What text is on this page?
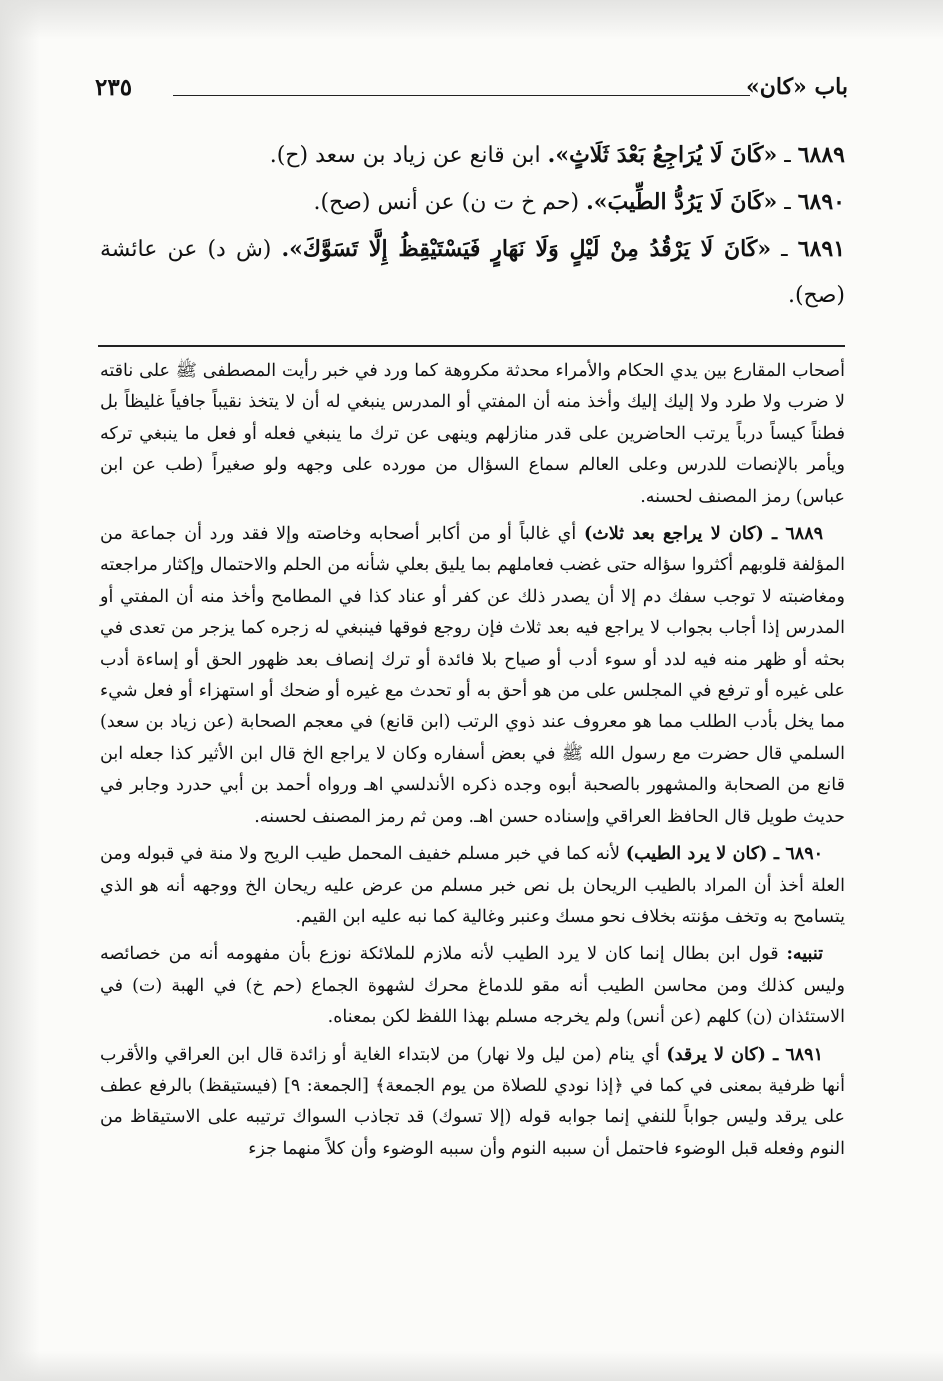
باب «كان»
٢٣٥
٦٨٨٩ ـ «كَانَ لَا يُرَاجِعُ بَعْدَ ثَلَاثٍ». ابن قانع عن زياد بن سعد (ح).
٦٨٩٠ ـ «كَانَ لَا يَرُدُّ الطِّيبَ». (حم خ ت ن) عن أنس (صح).
٦٨٩١ ـ «كَانَ لَا يَرْقُدُ مِنْ لَيْلٍ وَلَا نَهَارٍ فَيَسْتَيْقِظُ إِلَّا تَسَوَّكَ». (ش د) عن عائشة (صح).

أصحاب المقارع بين يدي الحكام والأمراء محدثة مكروهة كما ورد في خبر رأيت المصطفى ﷺ على ناقته لا ضرب ولا طرد ولا إليك إليك وأخذ منه أن المفتي أو المدرس ينبغي له أن لا يتخذ نقيباً جافياً غليظاً بل فطناً كيساً درباً يرتب الحاضرين على قدر منازلهم وينهى عن ترك ما ينبغي فعله أو فعل ما ينبغي تركه ويأمر بالإنصات للدرس وعلى العالم سماع السؤال من مورده على وجهه ولو صغيراً (طب عن ابن عباس) رمز المصنف لحسنه.

٦٨٨٩ ـ (كان لا يراجع بعد ثلاث) أي غالباً أو من أكابر أصحابه وخاصته وإلا فقد ورد أن جماعة من المؤلفة قلوبهم أكثروا سؤاله حتى غضب فعاملهم بما يليق بعلي شأنه من الحلم والاحتمال وإكثار مراجعته ومغاضبته لا توجب سفك دم إلا أن يصدر ذلك عن كفر أو عناد كذا في المطامح وأخذ منه أن المفتي أو المدرس إذا أجاب بجواب لا يراجع فيه بعد ثلاث فإن روجع فوقها فينبغي له زجره كما يزجر من تعدى في بحثه أو ظهر منه فيه لدد أو سوء أدب أو صياح بلا فائدة أو ترك إنصاف بعد ظهور الحق أو إساءة أدب على غيره أو ترفع في المجلس على من هو أحق به أو تحدث مع غيره أو ضحك أو استهزاء أو فعل شيء مما يخل بأدب الطلب مما هو معروف عند ذوي الرتب (ابن قانع) في معجم الصحابة (عن زياد بن سعد) السلمي قال حضرت مع رسول الله ﷺ في بعض أسفاره وكان لا يراجع الخ قال ابن الأثير كذا جعله ابن قانع من الصحابة والمشهور بالصحبة أبوه وجده ذكره الأندلسي اهـ ورواه أحمد بن أبي حدرد وجابر في حديث طويل قال الحافظ العراقي وإسناده حسن اهـ. ومن ثم رمز المصنف لحسنه.

٦٨٩٠ ـ (كان لا يرد الطيب) لأنه كما في خبر مسلم خفيف المحمل طيب الريح ولا منة في قبوله ومن العلة أخذ أن المراد بالطيب الريحان بل نص خبر مسلم من عرض عليه ريحان الخ ووجهه أنه هو الذي يتسامح به وتخف مؤنته بخلاف نحو مسك وعنبر وغالية كما نبه عليه ابن القيم.

تنبيه: قول ابن بطال إنما كان لا يرد الطيب لأنه ملازم للملائكة نوزع بأن مفهومه أنه من خصائصه وليس كذلك ومن محاسن الطيب أنه مقو للدماغ محرك لشهوة الجماع (حم خ) في الهبة (ت) في الاستئذان (ن) كلهم (عن أنس) ولم يخرجه مسلم بهذا اللفظ لكن بمعناه.

٦٨٩١ ـ (كان لا يرقد) أي ينام (من ليل ولا نهار) من لابتداء الغاية أو زائدة قال ابن العراقي والأقرب أنها ظرفية بمعنى في كما في ﴿إذا نودي للصلاة من يوم الجمعة﴾ [الجمعة: ٩] (فيستيقظ) بالرفع عطف على يرقد وليس جواباً للنفي إنما جوابه قوله (إلا تسوك) قد تجاذب السواك ترتيبه على الاستيقاظ من النوم وفعله قبل الوضوء فاحتمل أن سببه النوم وأن سببه الوضوء وأن كلاً منهما جزء
